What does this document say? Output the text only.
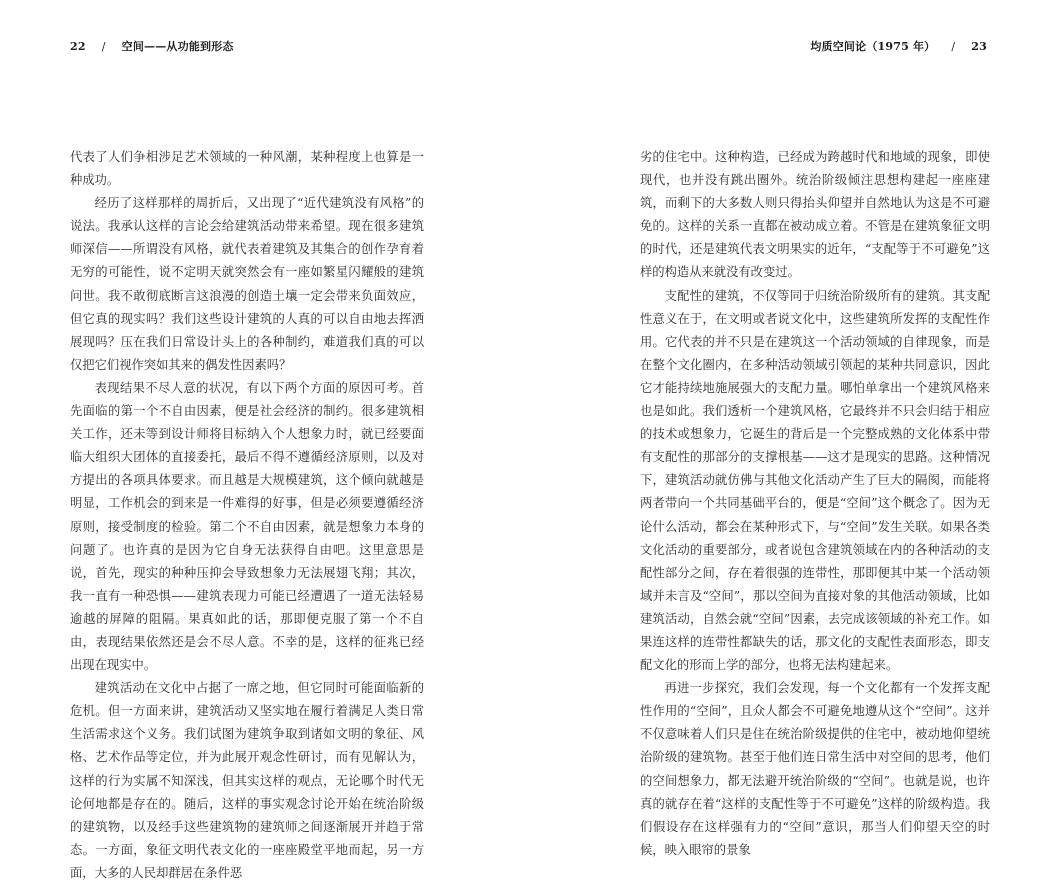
22 / 空间——从功能到形态

代表了人们争相涉足艺术领域的一种风潮，某种程度上也算是一种成功。

经历了这样那样的周折后，又出现了“近代建筑没有风格”的说法。我承认这样的言论会给建筑活动带来希望。现在很多建筑师深信——所谓没有风格，就代表着建筑及其集合的创作孕育着无穷的可能性，说不定明天就突然会有一座如繁星闪耀般的建筑问世。我不敢彻底断言这浪漫的创造土壤一定会带来负面效应，但它真的现实吗？我们这些设计建筑的人真的可以自由地去挥洒展现吗？压在我们日常设计头上的各种制约，难道我们真的可以仅把它们视作突如其来的偶发性因素吗？

表现结果不尽人意的状况，有以下两个方面的原因可考。首先面临的第一个不自由因素，便是社会经济的制约。很多建筑相关工作，还未等到设计师将目标纳入个人想象力时，就已经要面临大组织大团体的直接委托，最后不得不遵循经济原则，以及对方提出的各项具体要求。而且越是大规模建筑，这个倾向就越是明显，工作机会的到来是一件难得的好事，但是必须要遵循经济原则，接受制度的检验。第二个不自由因素，就是想象力本身的问题了。也许真的是因为它自身无法获得自由吧。这里意思是说，首先，现实的种种压抑会导致想象力无法展翅飞翔；其次，我一直有一种恐惧——建筑表现力可能已经遭遇了一道无法轻易逾越的屏障的阻隔。果真如此的话，那即便克服了第一个不自由，表现结果依然还是会不尽人意。不幸的是，这样的征兆已经出现在现实中。

建筑活动在文化中占据了一席之地，但它同时可能面临新的危机。但一方面来讲，建筑活动又坚实地在履行着满足人类日常生活需求这个义务。我们试图为建筑争取到诸如文明的象征、风格、艺术作品等定位，并为此展开观念性研讨，而有见解认为，这样的行为实属不知深浅，但其实这样的观点，无论哪个时代无论何地都是存在的。随后，这样的事实观念讨论开始在统治阶级的建筑物，以及经手这些建筑物的建筑师之间逐渐展开并趋于常态。一方面，象征文明代表文化的一座座殿堂平地而起，另一方面，大多的人民却群居在条件恶

均质空间论（1975 年） / 23

劣的住宅中。这种构造，已经成为跨越时代和地域的现象，即使现代，也并没有跳出圈外。统治阶级倾注思想构建起一座座建筑，而剩下的大多数人则只得抬头仰望并自然地认为这是不可避免的。这样的关系一直都在被动成立着。不管是在建筑象征文明的时代，还是建筑代表文明果实的近年，“支配等于不可避免”这样的构造从来就没有改变过。

支配性的建筑，不仅等同于归统治阶级所有的建筑。其支配性意义在于，在文明或者说文化中，这些建筑所发挥的支配性作用。它代表的并不只是在建筑这一个活动领域的自律现象，而是在整个文化圈内，在多种活动领域引领起的某种共同意识，因此它才能持续地施展强大的支配力量。哪怕单拿出一个建筑风格来也是如此。我们透析一个建筑风格，它最终并不只会归结于相应的技术或想象力，它诞生的背后是一个完整成熟的文化体系中带有支配性的那部分的支撑根基——这才是现实的思路。这种情况下，建筑活动就仿佛与其他文化活动产生了巨大的隔阂，而能将两者带向一个共同基础平台的，便是“空间”这个概念了。因为无论什么活动，都会在某种形式下，与“空间”发生关联。如果各类文化活动的重要部分，或者说包含建筑领域在内的各种活动的支配性部分之间，存在着很强的连带性，那即便其中某一个活动领域并未言及“空间”，那以空间为直接对象的其他活动领域，比如建筑活动，自然会就“空间”因素，去完成该领域的补充工作。如果连这样的连带性都缺失的话，那文化的支配性表面形态，即支配文化的形而上学的部分，也将无法构建起来。

再进一步探究，我们会发现，每一个文化都有一个发挥支配性作用的“空间”，且众人都会不可避免地遵从这个“空间”。这并不仅意味着人们只是住在统治阶级提供的住宅中，被动地仰望统治阶级的建筑物。甚至于他们连日常生活中对空间的思考，他们的空间想象力，都无法避开统治阶级的“空间”。也就是说，也许真的就存在着“这样的支配性等于不可避免”这样的阶级构造。我们假设存在这样强有力的“空间”意识，那当人们仰望天空的时候，映入眼帘的景象
